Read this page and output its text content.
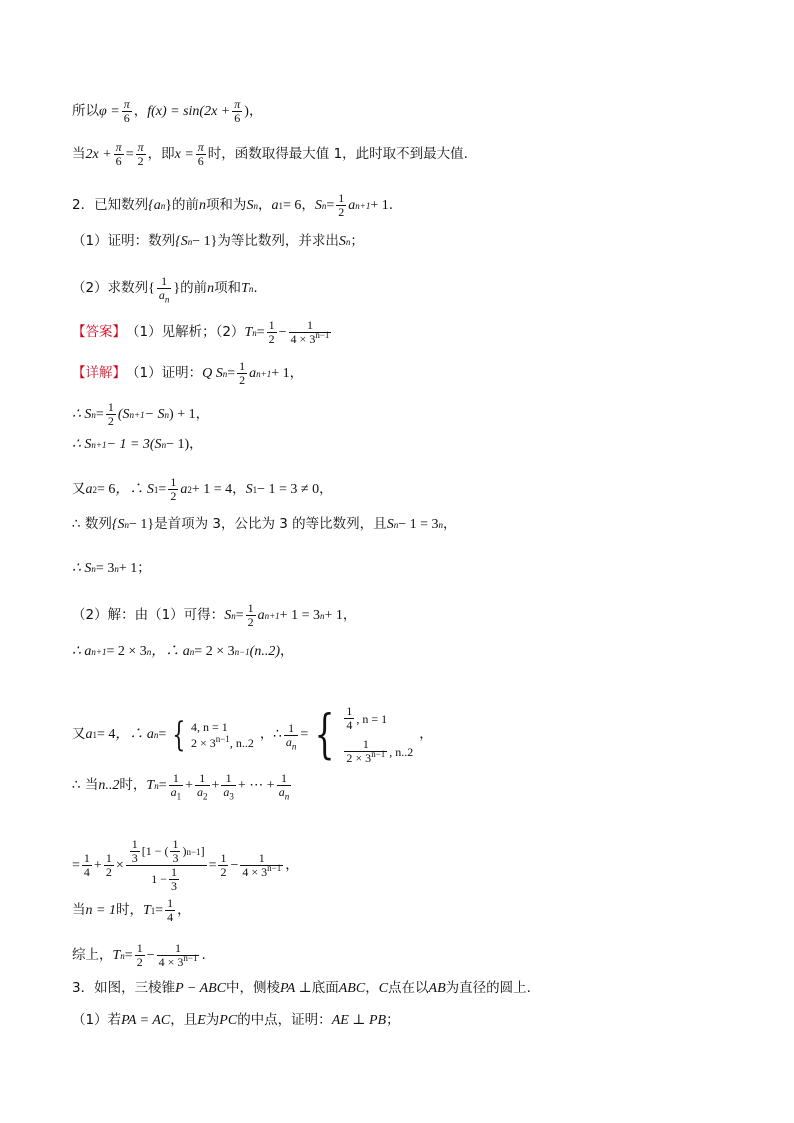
所以 $\varphi = \frac{\pi}{6}$ ， $f(x) = \sin(2x + \frac{\pi}{6}$ ) ，
当 $2x + \frac{\pi}{6} = \frac{\pi}{2}$ ，即 $x = \frac{\pi}{6}$ 时，函数取得最大值 1，此时取不到最大值.
2．已知数列 {a n } 的前 n 项和为 S n ， a 1 = 6 ， S $n = \frac{1}{2}$ a n+1 + 1 .
（1）证明：数列 {S n − 1} 为等比数列，并求出 S n ；
（2）求数列 { $\frac{1}{a_n}$ } 的前 n 项和 T n .
【答案】 （1）见解析；（2） T $n = \frac{1}{2} - \frac{1}{4 \times 3^{n-1}}$
【详解】 （1）证明： Q S $n = \frac{1}{2}$ a n+1 + 1 ，
∴ S $n = \frac{1}{2} (S$ n+1 − S n ) + 1 ，
∴ S n+1 − 1 = 3(S n − 1) ，
又 a 2 = 6 ，∴ S $1 = \frac{1}{2}$ a 2 + 1 = 4 ， S 1 − 1 = 3 ≠ 0 ，
∴ 数列 {S n − 1} 是首项为 3，公比为 3 的等比数列，且 S n − 1 = 3 n ，
∴ S n = 3 n + 1 ；
（2）解：由（1）可得： S $n = \frac{1}{2}$ a n+1 + 1 = 3 n + 1 ，
∴ a n+1 = 2 × 3 n ，∴ a n = 2 × 3 n−1 (n..2) ，
又 a 1 = 4 ，∴ a n = { 4, n = 1
$2 \times 3^{n-1}$, n..2
，∴ $\frac{1}{a_n}$ = { $\frac{1}{4}$ , n = 1
$\frac{1}{2 \times 3^{n-1}}$ , n..2
，
∴ 当 n..2 时， T $n = \frac{1}{a_1} + \frac{1}{a_2} + \frac{1}{a_3}$ + ⋯ + $\frac{1}{a_n}$
= $\frac{1}{4} + \frac{1}{2} \times \frac{\frac{1}{3} [1 - ( \frac{1}{3} ) n-1 ]}{1 - \frac{1}{3}} = \frac{1}{2} - \frac{1}{4 \times 3^{n-1}}$ ，
当 n = 1 时， T $1 = \frac{1}{4}$ ，
综上， T $n = \frac{1}{2} - \frac{1}{4 \times 3^{n-1}}$ .
3．如图，三棱锥 P − ABC 中，侧棱 PA ⊥ 底面 ABC ， C 点在以 AB 为直径的圆上.
（1）若 PA = AC ，且 E 为 PC 的中点，证明： AE ⊥ PB ；
